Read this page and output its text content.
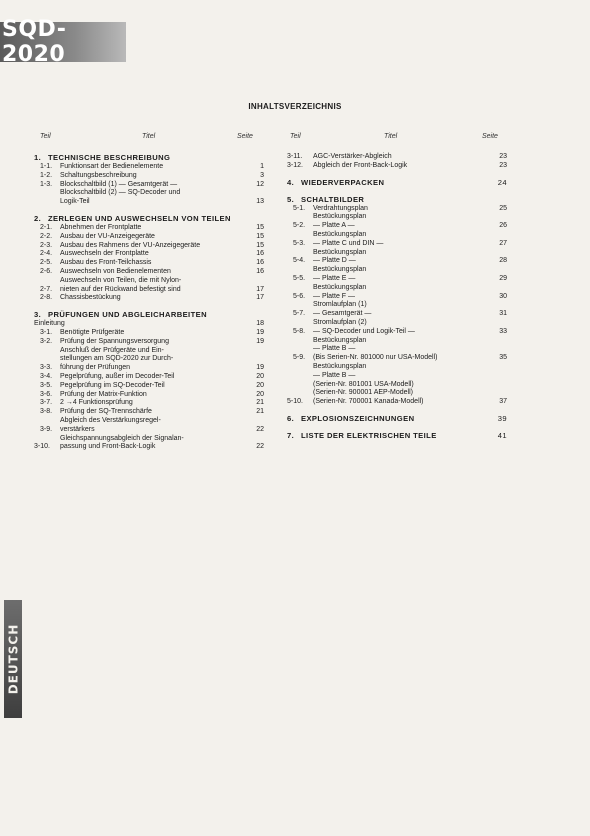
SQD-2020
INHALTSVERZEICHNIS
Teil	Titel	Seite	Teil	Titel	Seite
1. TECHNISCHE BESCHREIBUNG
1-1.	Funktionsart der Bedienelemente	1
1-2.	Schaltungsbeschreibung	3
1-3.	Blockschaltbild (1) — Gesamtgerät —	12
Blockschaltbild (2) — SQ-Decoder und
Logik-Teil	13
2. ZERLEGEN UND AUSWECHSELN VON TEILEN
2-1.	Abnehmen der Frontplatte	15
2-2.	Ausbau der VU-Anzeigegeräte	15
2-3.	Ausbau des Rahmens der VU-Anzeigegeräte	15
2-4.	Auswechseln der Frontplatte	16
2-5.	Ausbau des Front-Teilchassis	16
2-6.	Auswechseln von Bedienelementen	16
2-7.
Auswechseln von Teilen, die mit Nylon-
nieten auf der Rückwand befestigt sind	17
2-8.	Chassisbestückung	17
3. PRÜFUNGEN UND ABGLEICHARBEITEN
Einleitung	18
3-1.	Benötigte Prüfgeräte	19
3-2.	Prüfung der Spannungsversorgung	19
3-3.
Anschluß der Prüfgeräte und Ein-
stellungen am SQD-2020 zur Durch-
führung der Prüfungen	19
3-4.	Pegelprüfung, außer im Decoder-Teil	20
3-5.	Pegelprüfung im SQ-Decoder-Teil	20
3-6.	Prüfung der Matrix-Funktion	20
3-7.	2 →4 Funktionsprüfung	21
3-8.	Prüfung der SQ-Trennschärfe	21
3-9.
Abgleich des Verstärkungsregel-
verstärkers	22
3-10.
Gleichspannungsabgleich der Signalan-
passung und Front-Back-Logik	22
3-11.	AGC-Verstärker-Abgleich	23
3-12.	Abgleich der Front-Back-Logik	23
4. WIEDERVERPACKEN	24
5. SCHALTBILDER
5-1.	Verdrahtungsplan	25
5-2.
Bestückungsplan
— Platte A —	26
5-3.
Bestückungsplan
— Platte C und DIN —	27
5-4.
Bestückungsplan
— Platte D —	28
5-5.
Bestückungsplan
— Platte E —	29
5-6.
Bestückungsplan
— Platte F —	30
5-7.
Stromlaufplan (1)
— Gesamtgerät —	31
5-8.
Stromlaufplan (2)
— SQ-Decoder und Logik-Teil —	33
5-9.
Bestückungsplan
— Platte B —
(Bis Serien-Nr. 801000 nur USA-Modell)	35
5-10.
Bestückungsplan
— Platte B —
(Serien-Nr. 801001 USA-Modell)
(Serien-Nr. 900001 AEP-Modell)
(Serien-Nr. 700001 Kanada-Modell)	37
6. EXPLOSIONSZEICHNUNGEN	39
7. LISTE DER ELEKTRISCHEN TEILE	41
DEUTSCH
